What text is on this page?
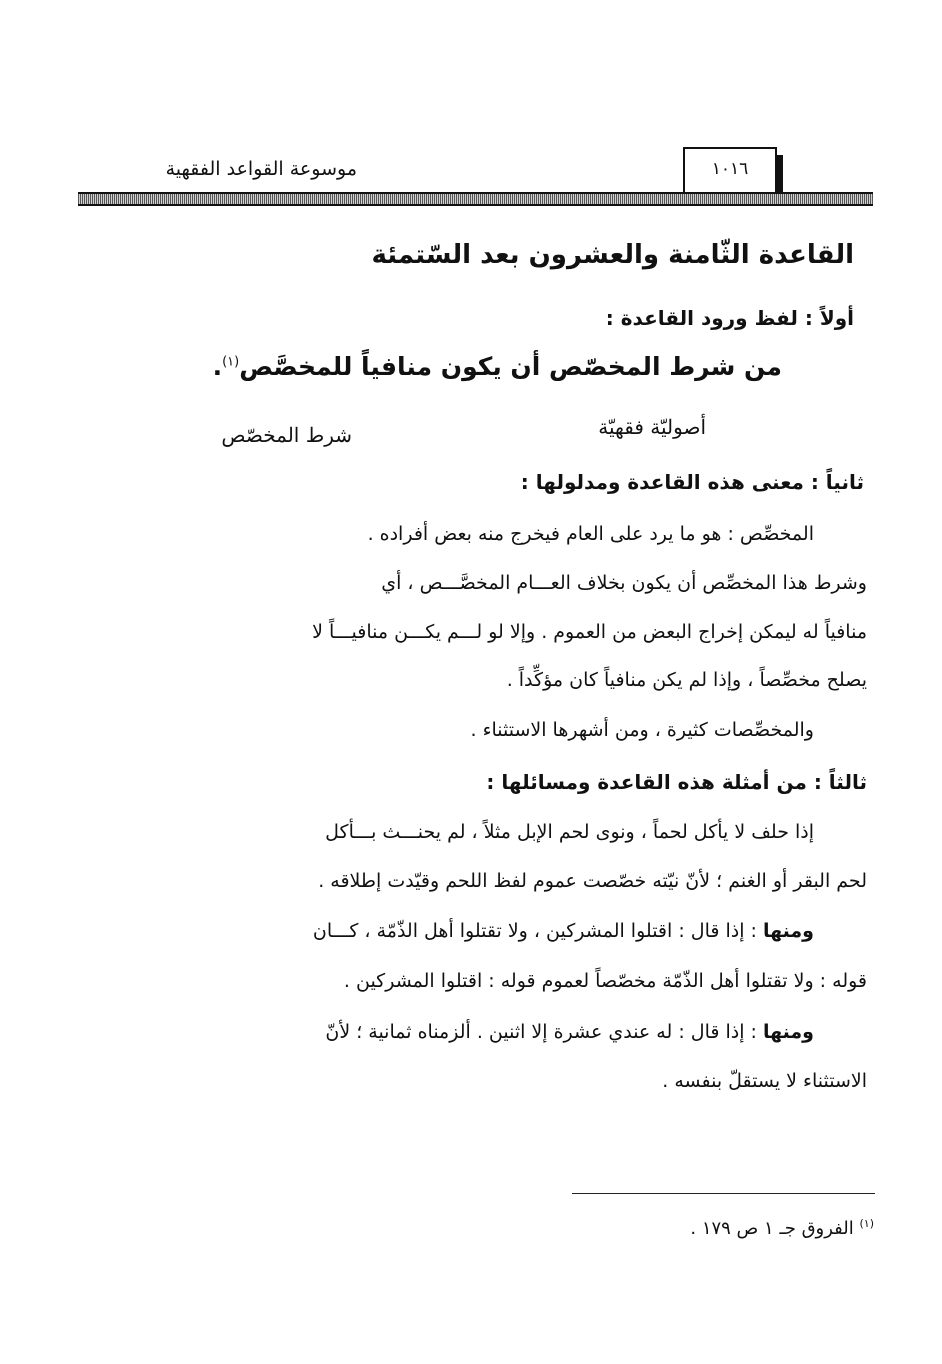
موسوعة القواعد الفقهية	١٠١٦
القاعدة الثّامنة والعشرون بعد السّتمئة
أولاً : لفظ ورود القاعدة :
من شرط المخصّص أن يكون منافياً للمخصَّص$^{(١)}$.
أصوليّة فقهيّة
شرط المخصّص
ثانياً : معنى هذه القاعدة ومدلولها :
المخصِّص : هو ما يرد على العام فيخرج منه بعض أفراده .
وشرط هذا المخصِّص أن يكون بخلاف العـــام المخصَّـــص ، أي
منافياً له ليمكن إخراج البعض من العموم . وإلا لو لـــم يكـــن منافيـــاً لا
يصلح مخصِّصاً ، وإذا لم يكن منافياً كان مؤكِّداً .
والمخصِّصات كثيرة ، ومن أشهرها الاستثناء .
ثالثاً : من أمثلة هذه القاعدة ومسائلها :
إذا حلف لا يأكل لحماً ، ونوى لحم الإبل مثلاً ، لم يحنـــث بـــأكل
لحم البقر أو الغنم ؛ لأنّ نيّته خصّصت عموم لفظ اللحم وقيّدت إطلاقه .
ومنها : إذا قال : اقتلوا المشركين ، ولا تقتلوا أهل الذّمّة ، كـــان
قوله : ولا تقتلوا أهل الذّمّة مخصّصاً لعموم قوله : اقتلوا المشركين .
ومنها : إذا قال : له عندي عشرة إلا اثنين . ألزمناه ثمانية ؛ لأنّ
الاستثناء لا يستقلّ بنفسه .
$^{(١)}$ الفروق جـ ١ ص ١٧٩ .
